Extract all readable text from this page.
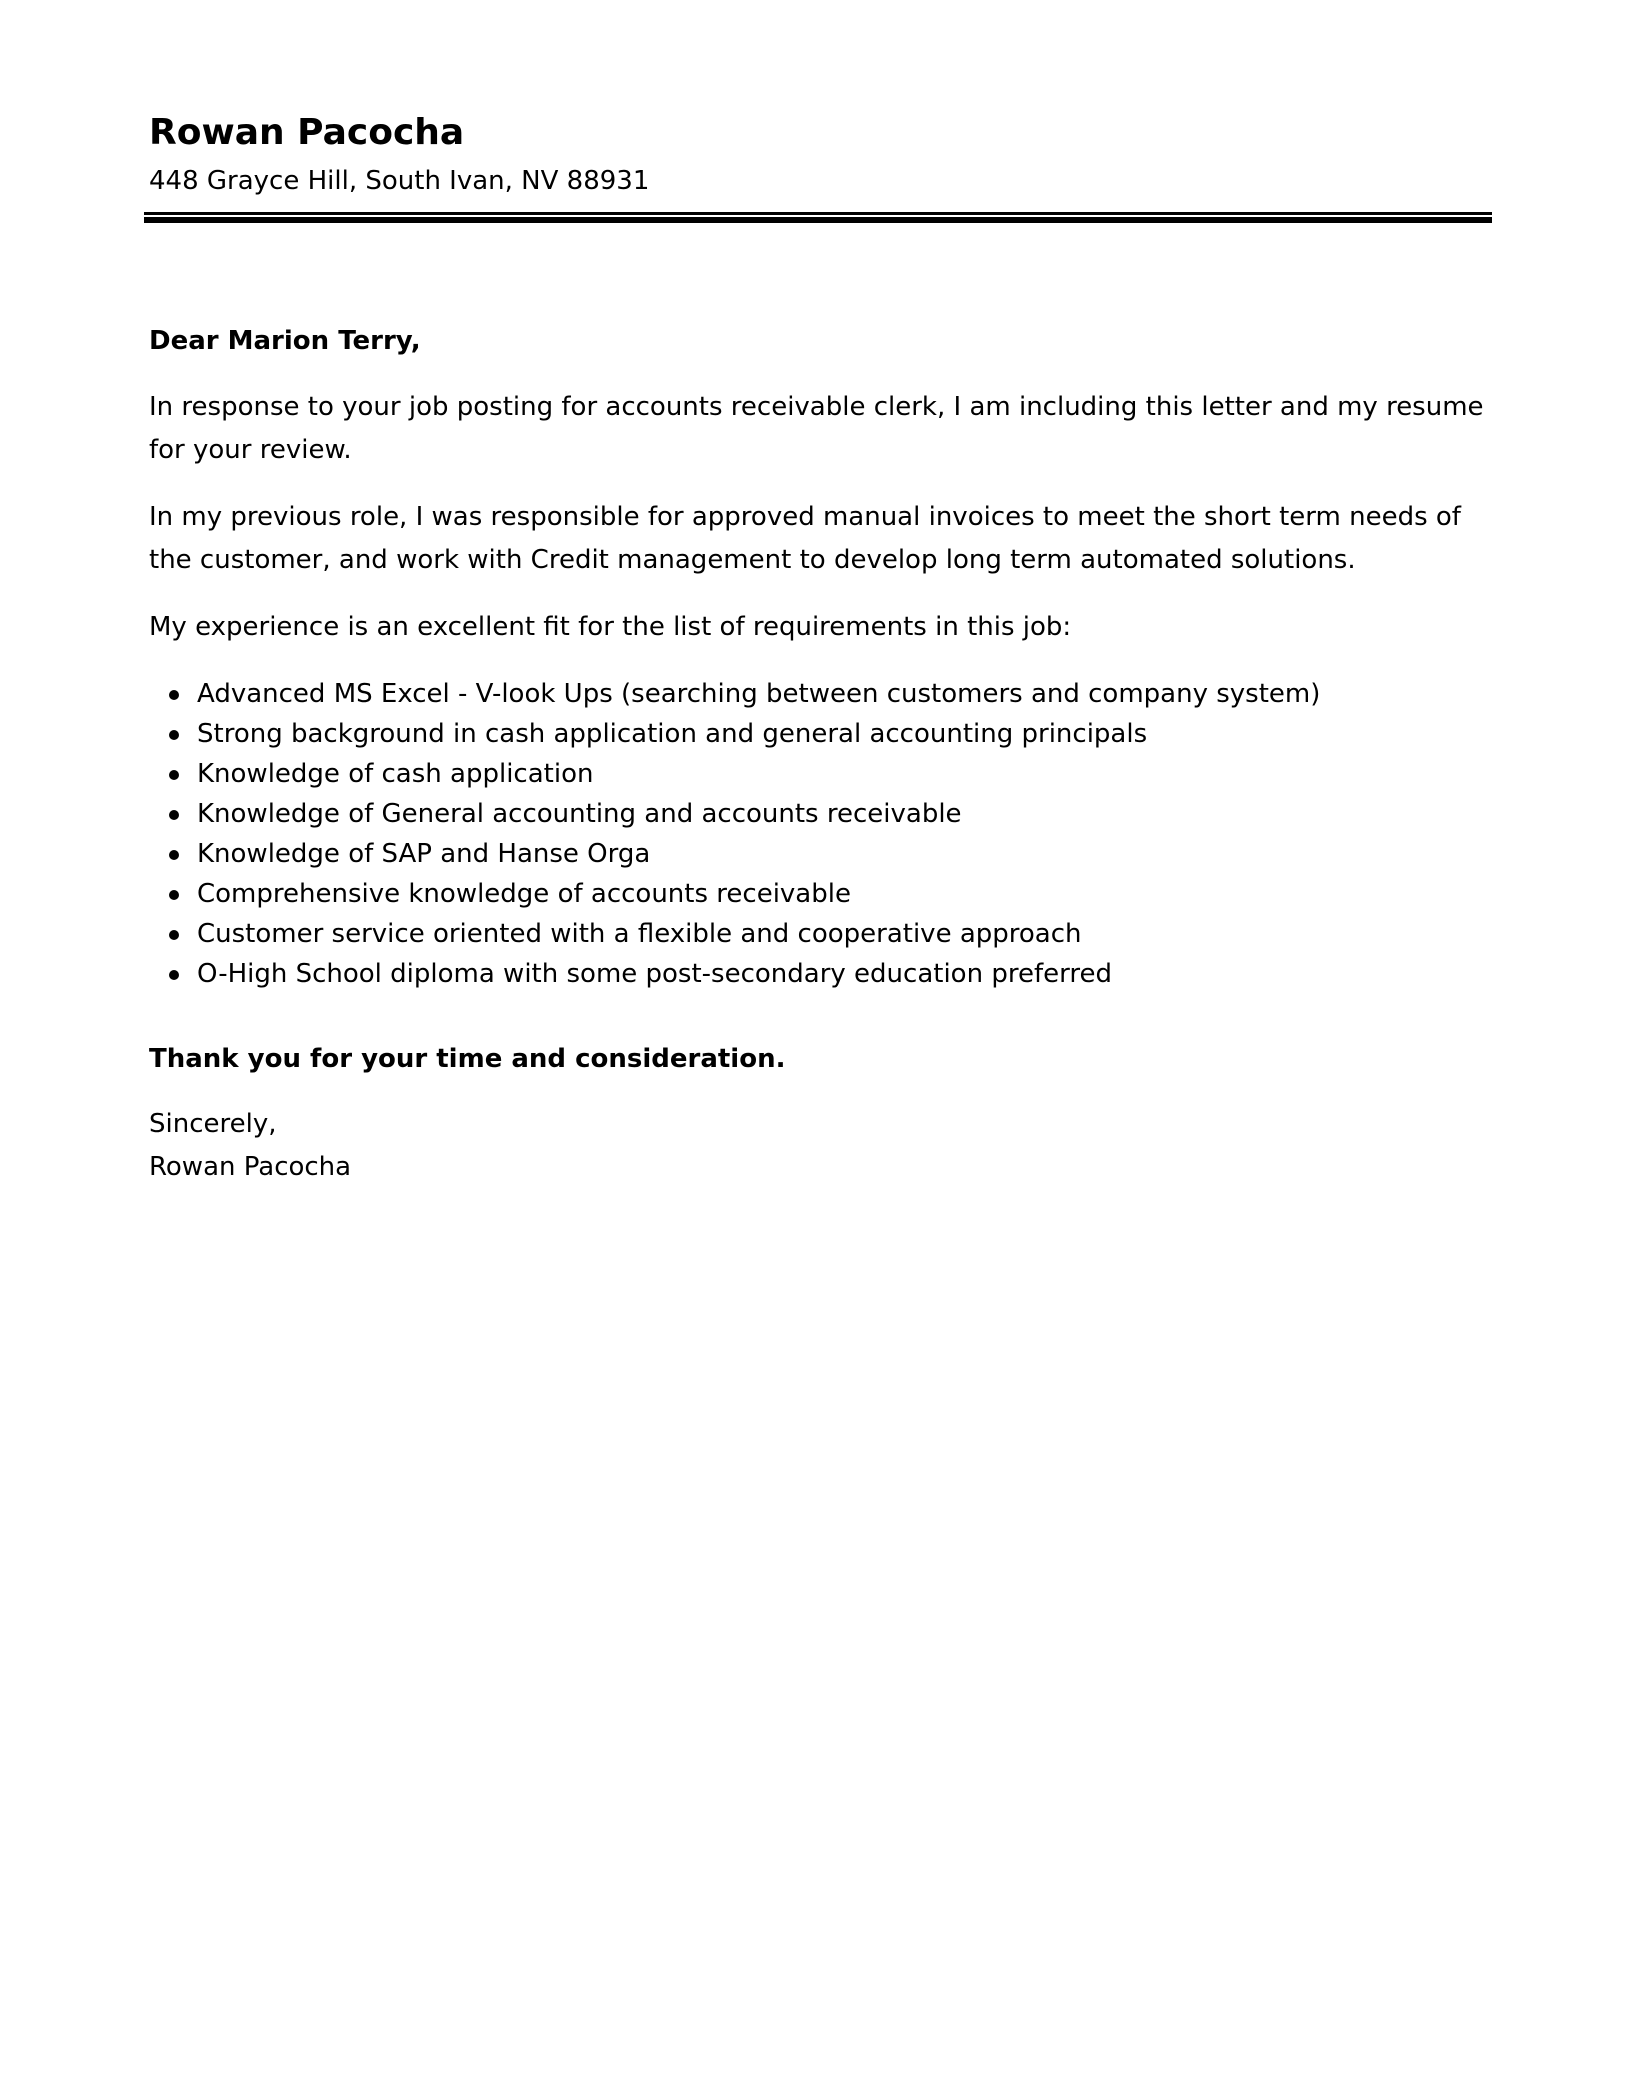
Rowan Pacocha
448 Grayce Hill, South Ivan, NV 88931
Dear Marion Terry,
In response to your job posting for accounts receivable clerk, I am including this letter and my resume for your review.
In my previous role, I was responsible for approved manual invoices to meet the short term needs of the customer, and work with Credit management to develop long term automated solutions.
My experience is an excellent fit for the list of requirements in this job:
Advanced MS Excel - V-look Ups (searching between customers and company system)
Strong background in cash application and general accounting principals
Knowledge of cash application
Knowledge of General accounting and accounts receivable
Knowledge of SAP and Hanse Orga
Comprehensive knowledge of accounts receivable
Customer service oriented with a flexible and cooperative approach
O-High School diploma with some post-secondary education preferred
Thank you for your time and consideration.
Sincerely,
Rowan Pacocha
